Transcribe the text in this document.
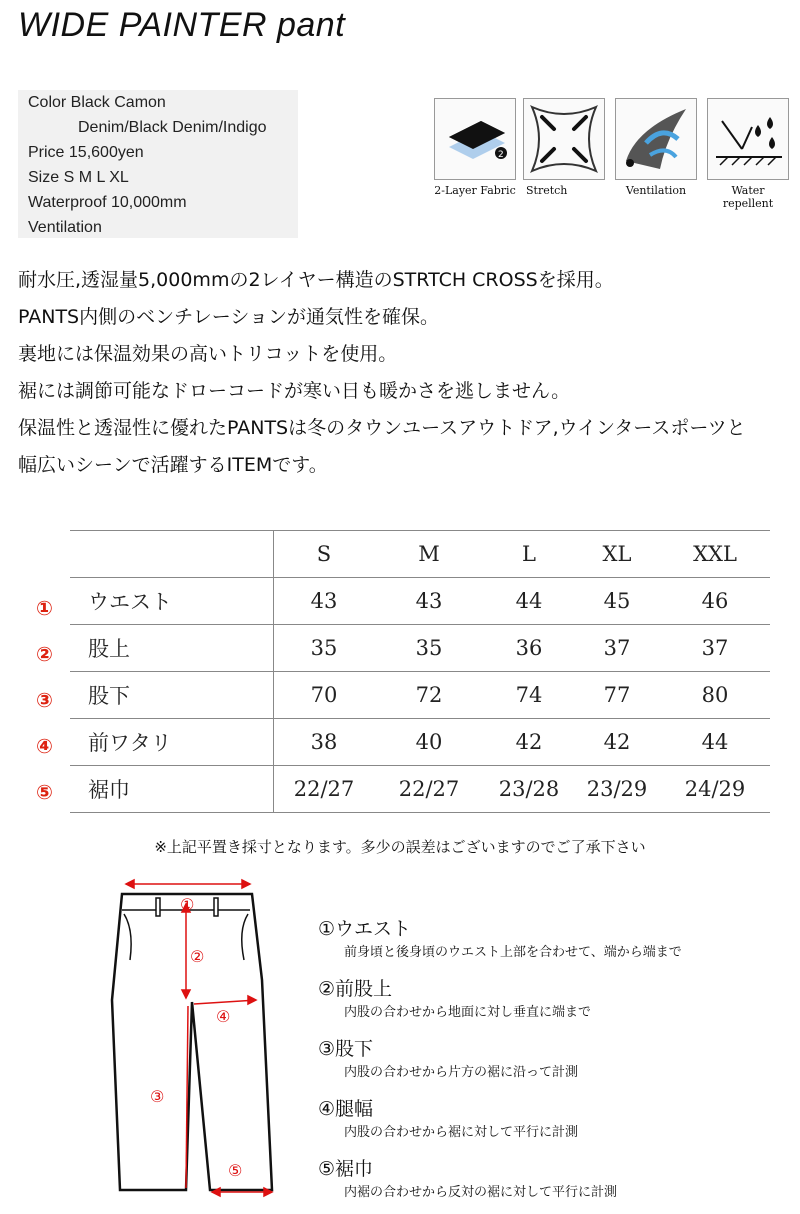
WIDE PAINTER pant
Color Black Camon
Denim/Black Denim/Indigo
Price 15,600yen
Size S M L XL
Waterproof 10,000mm
Ventilation
2
2-Layer Fabric Stretch	Ventilation	Water repellent
耐水圧,透湿量5,000mmの2レイヤー構造のSTRTCH CROSSを採用。
PANTS内側のベンチレーションが通気性を確保。
裏地には保温効果の高いトリコットを使用。
裾には調節可能なドローコードが寒い日も暖かさを逃しません。
保温性と透湿性に優れたPANTSは冬のタウンユースアウトドア,ウインタースポーツと
幅広いシーンで活躍するITEMです。
①
②
③
④
⑤
	S	M	L	XL	XXL
ウエスト	43	43	44	45	46
股上	35	35	36	37	37
股下	70	72	74	77	80
前ワタリ	38	40	42	42	44
裾巾	22/27	22/27	23/28	23/29	24/29
※上記平置き採寸となります。多少の誤差はございますのでご了承下さい
①
②
④
③
⑤
①ウエスト
前身頃と後身頃のウエスト上部を合わせて、端から端まで
②前股上
内股の合わせから地面に対し垂直に端まで
③股下
内股の合わせから片方の裾に沿って計測
④腿幅
内股の合わせから裾に対して平行に計測
⑤裾巾
内裾の合わせから反対の裾に対して平行に計測
